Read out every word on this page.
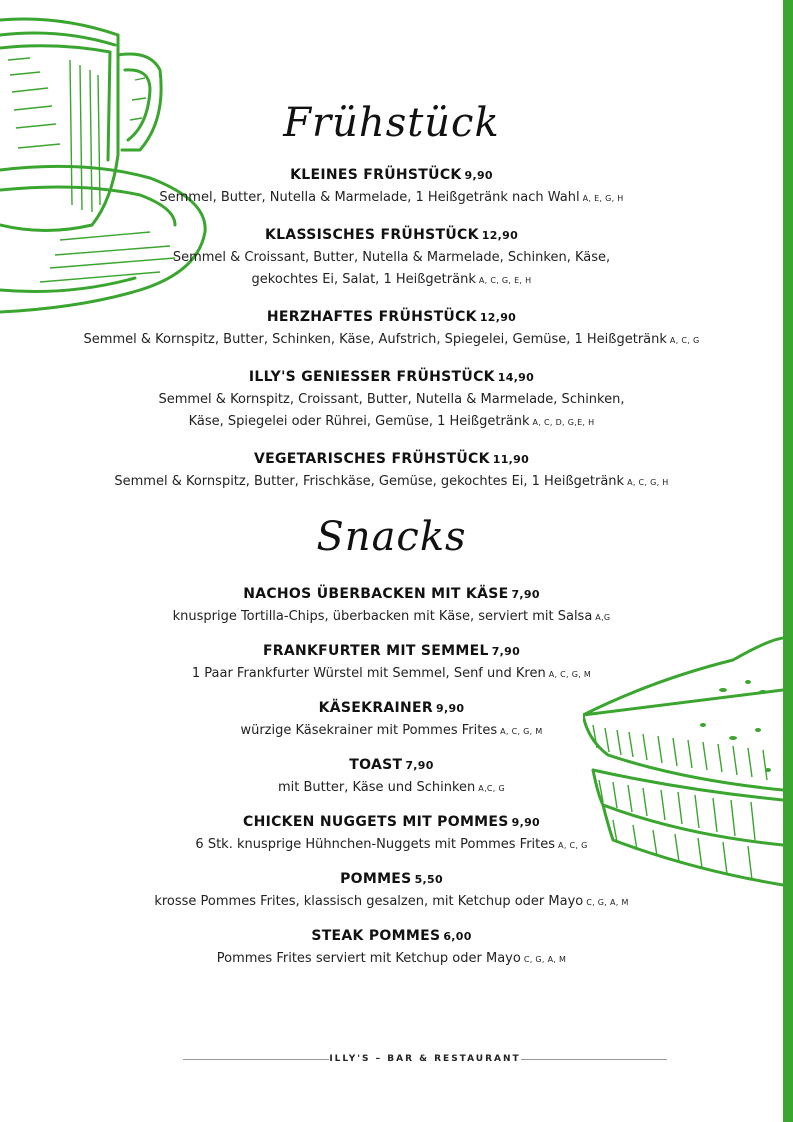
Frühstück
KLEINES FRÜHSTÜCK 9,90
Semmel, Butter, Nutella & Marmelade, 1 Heißgetränk nach Wahl A, E, G, H
KLASSISCHES FRÜHSTÜCK 12,90
Semmel & Croissant, Butter, Nutella & Marmelade, Schinken, Käse,
gekochtes Ei, Salat, 1 Heißgetränk A, C, G, E, H
HERZHAFTES FRÜHSTÜCK 12,90
Semmel & Kornspitz, Butter, Schinken, Käse, Aufstrich, Spiegelei, Gemüse, 1 Heißgetränk A, C, G
ILLY'S GENIESSER FRÜHSTÜCK 14,90
Semmel & Kornspitz, Croissant, Butter, Nutella & Marmelade, Schinken,
Käse, Spiegelei oder Rührei, Gemüse, 1 Heißgetränk A, C, D, G,E, H
VEGETARISCHES FRÜHSTÜCK 11,90
Semmel & Kornspitz, Butter, Frischkäse, Gemüse, gekochtes Ei, 1 Heißgetränk A, C, G, H
Snacks
NACHOS ÜBERBACKEN MIT KÄSE 7,90
knusprige Tortilla-Chips, überbacken mit Käse, serviert mit Salsa A,G
FRANKFURTER MIT SEMMEL 7,90
1 Paar Frankfurter Würstel mit Semmel, Senf und Kren A, C, G, M
KÄSEKRAINER 9,90
würzige Käsekrainer mit Pommes Frites A, C, G, M
TOAST 7,90
mit Butter, Käse und Schinken A,C, G
CHICKEN NUGGETS MIT POMMES 9,90
6 Stk. knusprige Hühnchen-Nuggets mit Pommes Frites A, C, G
POMMES 5,50
krosse Pommes Frites, klassisch gesalzen, mit Ketchup oder Mayo C, G, A, M
STEAK POMMES 6,00
Pommes Frites serviert mit Ketchup oder Mayo C, G, A, M
ILLY'S – BAR & RESTAURANT
